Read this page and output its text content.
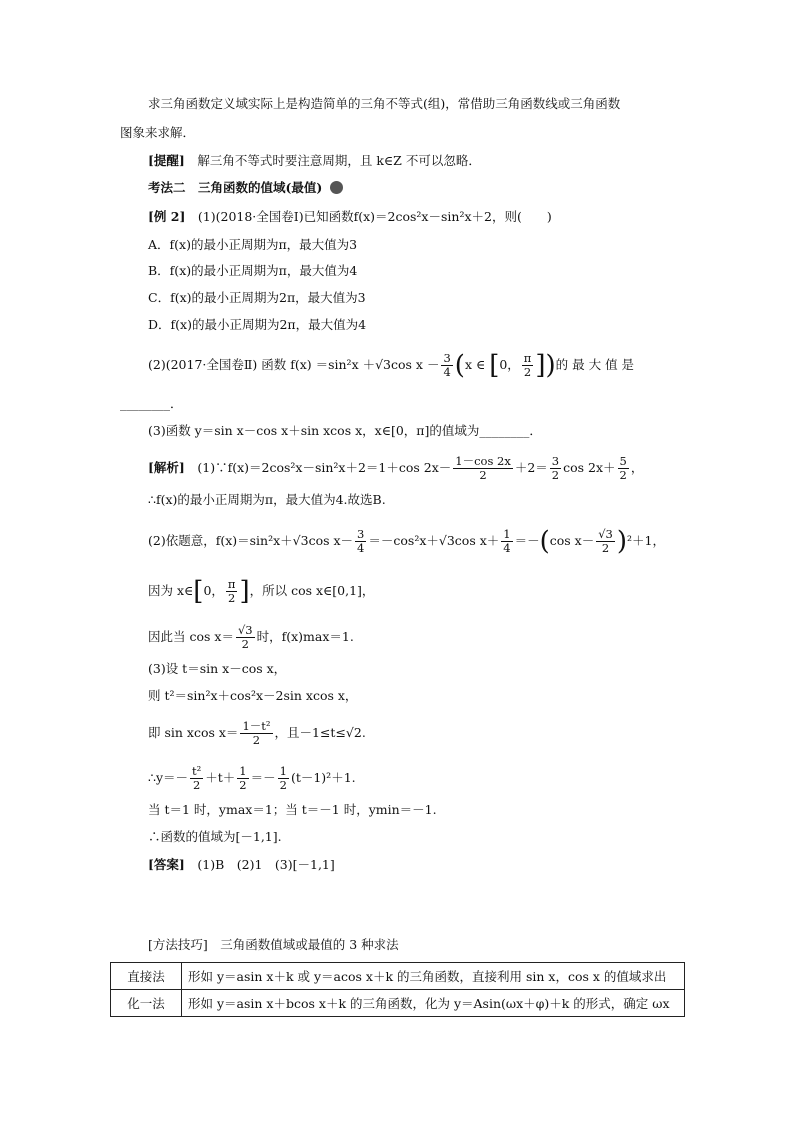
求三角函数定义域实际上是构造简单的三角不等式(组)，常借助三角函数线或三角函数
图象来求解．
[提醒]　 解三角不等式时要注意周期，且 k∈Z 不可以忽略．
考法二　三角函数的值域(最值)
[例 2]　 (1)(2018·全国卷Ⅰ)已知函数f(x)＝2cos²x－sin²x＋2，则(　　)
A．f(x)的最小正周期为π，最大值为3
B．f(x)的最小正周期为π，最大值为4
C．f(x)的最小正周期为2π，最大值为3
D．f(x)的最小正周期为2π，最大值为4
(2)(2017·全国卷Ⅱ) 函数 f(x) ＝sin²x ＋√3cos $x - \frac{3}{4} (x$ ∈ [0， $\frac{\pi}{2}$ ])的 最 大 值 是
________．
(3)函数 y＝sin x－cos x＋sin xcos x，x∈[0，π]的值域为________．
[解析]　 (1)∵f(x)＝2cos²x－sin²x＋2＝1＋cos $2x- \frac{1-\cos 2x}{2} +2= \frac{3}{2}$ $\cos 2x+ \frac{5}{2}$ ，
∴f(x)的最小正周期为π，最大值为4.故选B.
(2)依题意，f(x)＝sin²x＋√3cos $x- \frac{3}{4} =-\cos^2x+√3\cos$ $x+ \frac{1}{4} =-(\cos$ $x- \frac{√3}{2} )^2+1$，
因为 x∈[0， $\frac{\pi}{2}$ ]，所以 cos x∈[0,1]，
因此当 $\cos x= \frac{√3}{2}$ 时，f(x)max＝1.
(3)设 t＝sin x－cos x，
则 t²＝sin²x＋cos²x－2sin xcos x，
即 sin xcos $x= \frac{\text{1－t²}}{2}$ ，且－1≤t≤√2.
∴y＝－ $\frac{\text{t²}}{2} +t+ \frac{1}{2} =- \frac{1}{2} (t-1)^2+1$.
当 t＝1 时，ymax＝1；当 t＝－1 时，ymin＝－1.
∴函数的值域为[－1,1].
[答案]　 (1)B　(2)1　(3)[－1,1]
[方法技巧]　三角函数值域或最值的 3 种求法
直接法	形如 y＝asin x＋k 或 y＝acos x＋k 的三角函数，直接利用 sin x，cos x 的值域求出
化一法	形如 y＝asin x＋bcos x＋k 的三角函数，化为 y＝Asin(ωx＋φ)＋k 的形式，确定 ωx
